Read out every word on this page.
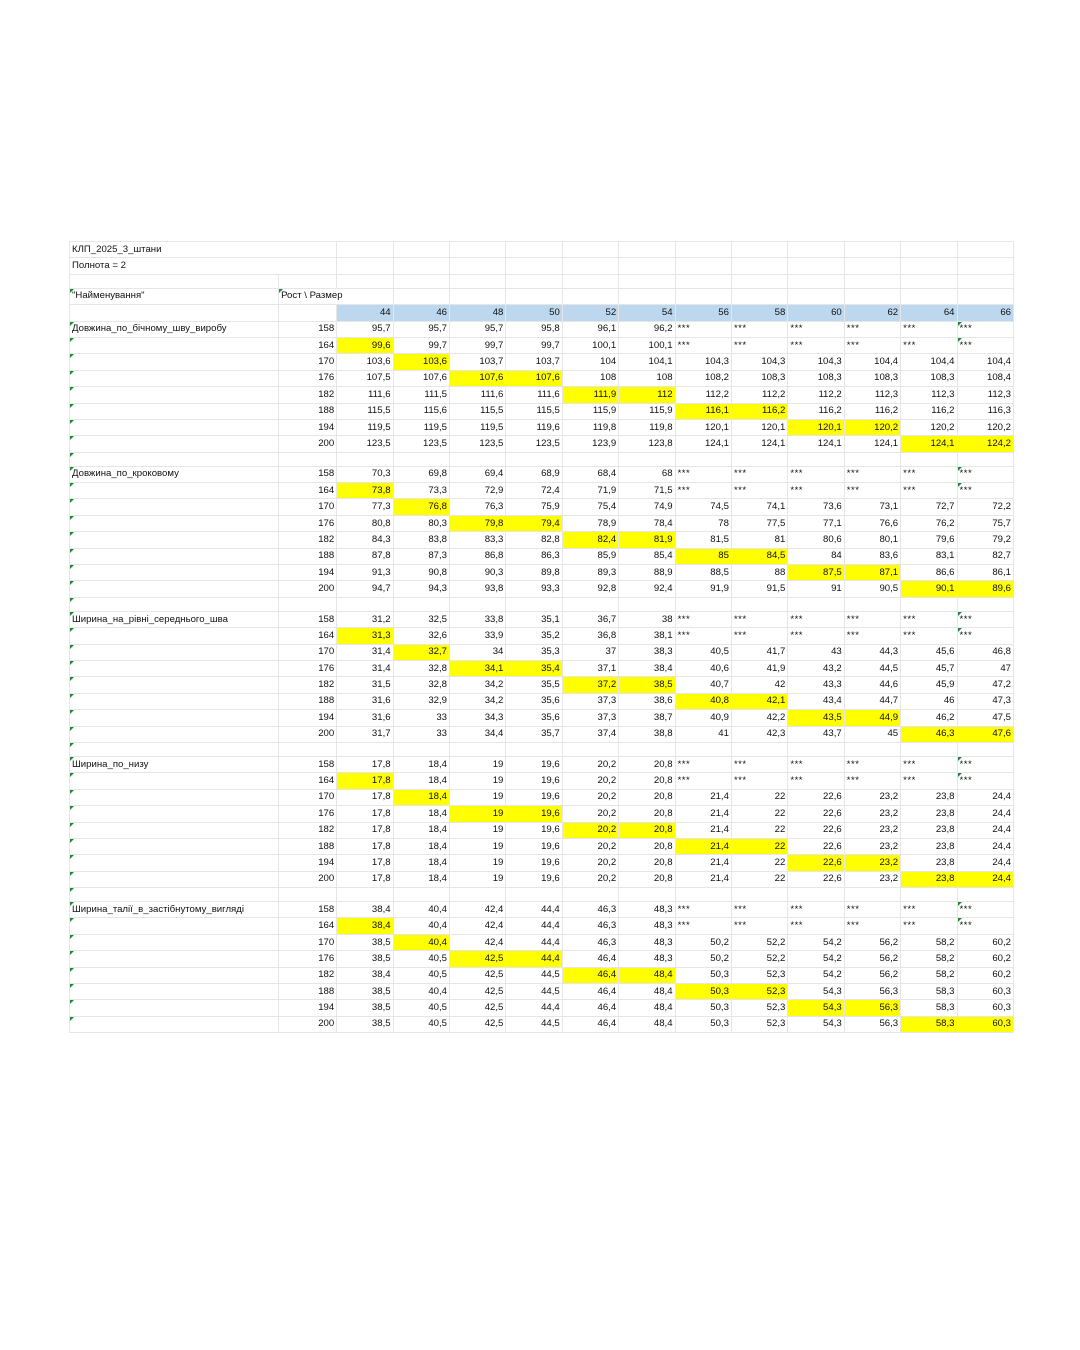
КЛП_2025_3_штани													
Полнота = 2													

"Найменування"	Рост \ Размер												
		44	46	48	50	52	54	56	58	60	62	64	66
Довжина_по_бічному_шву_виробу	158	95,7	95,7	95,7	95,8	96,1	96,2	***	***	***	***	***	***
	164	99,6	99,7	99,7	99,7	100,1	100,1	***	***	***	***	***	***
	170	103,6	103,6	103,7	103,7	104	104,1	104,3	104,3	104,3	104,4	104,4	104,4
	176	107,5	107,6	107,6	107,6	108	108	108,2	108,3	108,3	108,3	108,3	108,4
	182	111,6	111,5	111,6	111,6	111,9	112	112,2	112,2	112,2	112,3	112,3	112,3
	188	115,5	115,6	115,5	115,5	115,9	115,9	116,1	116,2	116,2	116,2	116,2	116,3
	194	119,5	119,5	119,5	119,6	119,8	119,8	120,1	120,1	120,1	120,2	120,2	120,2
	200	123,5	123,5	123,5	123,5	123,9	123,8	124,1	124,1	124,1	124,1	124,1	124,2

Довжина_по_кроковому	158	70,3	69,8	69,4	68,9	68,4	68	***	***	***	***	***	***
	164	73,8	73,3	72,9	72,4	71,9	71,5	***	***	***	***	***	***
	170	77,3	76,8	76,3	75,9	75,4	74,9	74,5	74,1	73,6	73,1	72,7	72,2
	176	80,8	80,3	79,8	79,4	78,9	78,4	78	77,5	77,1	76,6	76,2	75,7
	182	84,3	83,8	83,3	82,8	82,4	81,9	81,5	81	80,6	80,1	79,6	79,2
	188	87,8	87,3	86,8	86,3	85,9	85,4	85	84,5	84	83,6	83,1	82,7
	194	91,3	90,8	90,3	89,8	89,3	88,9	88,5	88	87,5	87,1	86,6	86,1
	200	94,7	94,3	93,8	93,3	92,8	92,4	91,9	91,5	91	90,5	90,1	89,6

Ширина_на_рівні_середнього_шва	158	31,2	32,5	33,8	35,1	36,7	38	***	***	***	***	***	***
	164	31,3	32,6	33,9	35,2	36,8	38,1	***	***	***	***	***	***
	170	31,4	32,7	34	35,3	37	38,3	40,5	41,7	43	44,3	45,6	46,8
	176	31,4	32,8	34,1	35,4	37,1	38,4	40,6	41,9	43,2	44,5	45,7	47
	182	31,5	32,8	34,2	35,5	37,2	38,5	40,7	42	43,3	44,6	45,9	47,2
	188	31,6	32,9	34,2	35,6	37,3	38,6	40,8	42,1	43,4	44,7	46	47,3
	194	31,6	33	34,3	35,6	37,3	38,7	40,9	42,2	43,5	44,9	46,2	47,5
	200	31,7	33	34,4	35,7	37,4	38,8	41	42,3	43,7	45	46,3	47,6

Ширина_по_низу	158	17,8	18,4	19	19,6	20,2	20,8	***	***	***	***	***	***
	164	17,8	18,4	19	19,6	20,2	20,8	***	***	***	***	***	***
	170	17,8	18,4	19	19,6	20,2	20,8	21,4	22	22,6	23,2	23,8	24,4
	176	17,8	18,4	19	19,6	20,2	20,8	21,4	22	22,6	23,2	23,8	24,4
	182	17,8	18,4	19	19,6	20,2	20,8	21,4	22	22,6	23,2	23,8	24,4
	188	17,8	18,4	19	19,6	20,2	20,8	21,4	22	22,6	23,2	23,8	24,4
	194	17,8	18,4	19	19,6	20,2	20,8	21,4	22	22,6	23,2	23,8	24,4
	200	17,8	18,4	19	19,6	20,2	20,8	21,4	22	22,6	23,2	23,8	24,4

Ширина_талії_в_застібнутому_вигляді	158	38,4	40,4	42,4	44,4	46,3	48,3	***	***	***	***	***	***
	164	38,4	40,4	42,4	44,4	46,3	48,3	***	***	***	***	***	***
	170	38,5	40,4	42,4	44,4	46,3	48,3	50,2	52,2	54,2	56,2	58,2	60,2
	176	38,5	40,5	42,5	44,4	46,4	48,3	50,2	52,2	54,2	56,2	58,2	60,2
	182	38,4	40,5	42,5	44,5	46,4	48,4	50,3	52,3	54,2	56,2	58,2	60,2
	188	38,5	40,4	42,5	44,5	46,4	48,4	50,3	52,3	54,3	56,3	58,3	60,3
	194	38,5	40,5	42,5	44,4	46,4	48,4	50,3	52,3	54,3	56,3	58,3	60,3
	200	38,5	40,5	42,5	44,5	46,4	48,4	50,3	52,3	54,3	56,3	58,3	60,3
